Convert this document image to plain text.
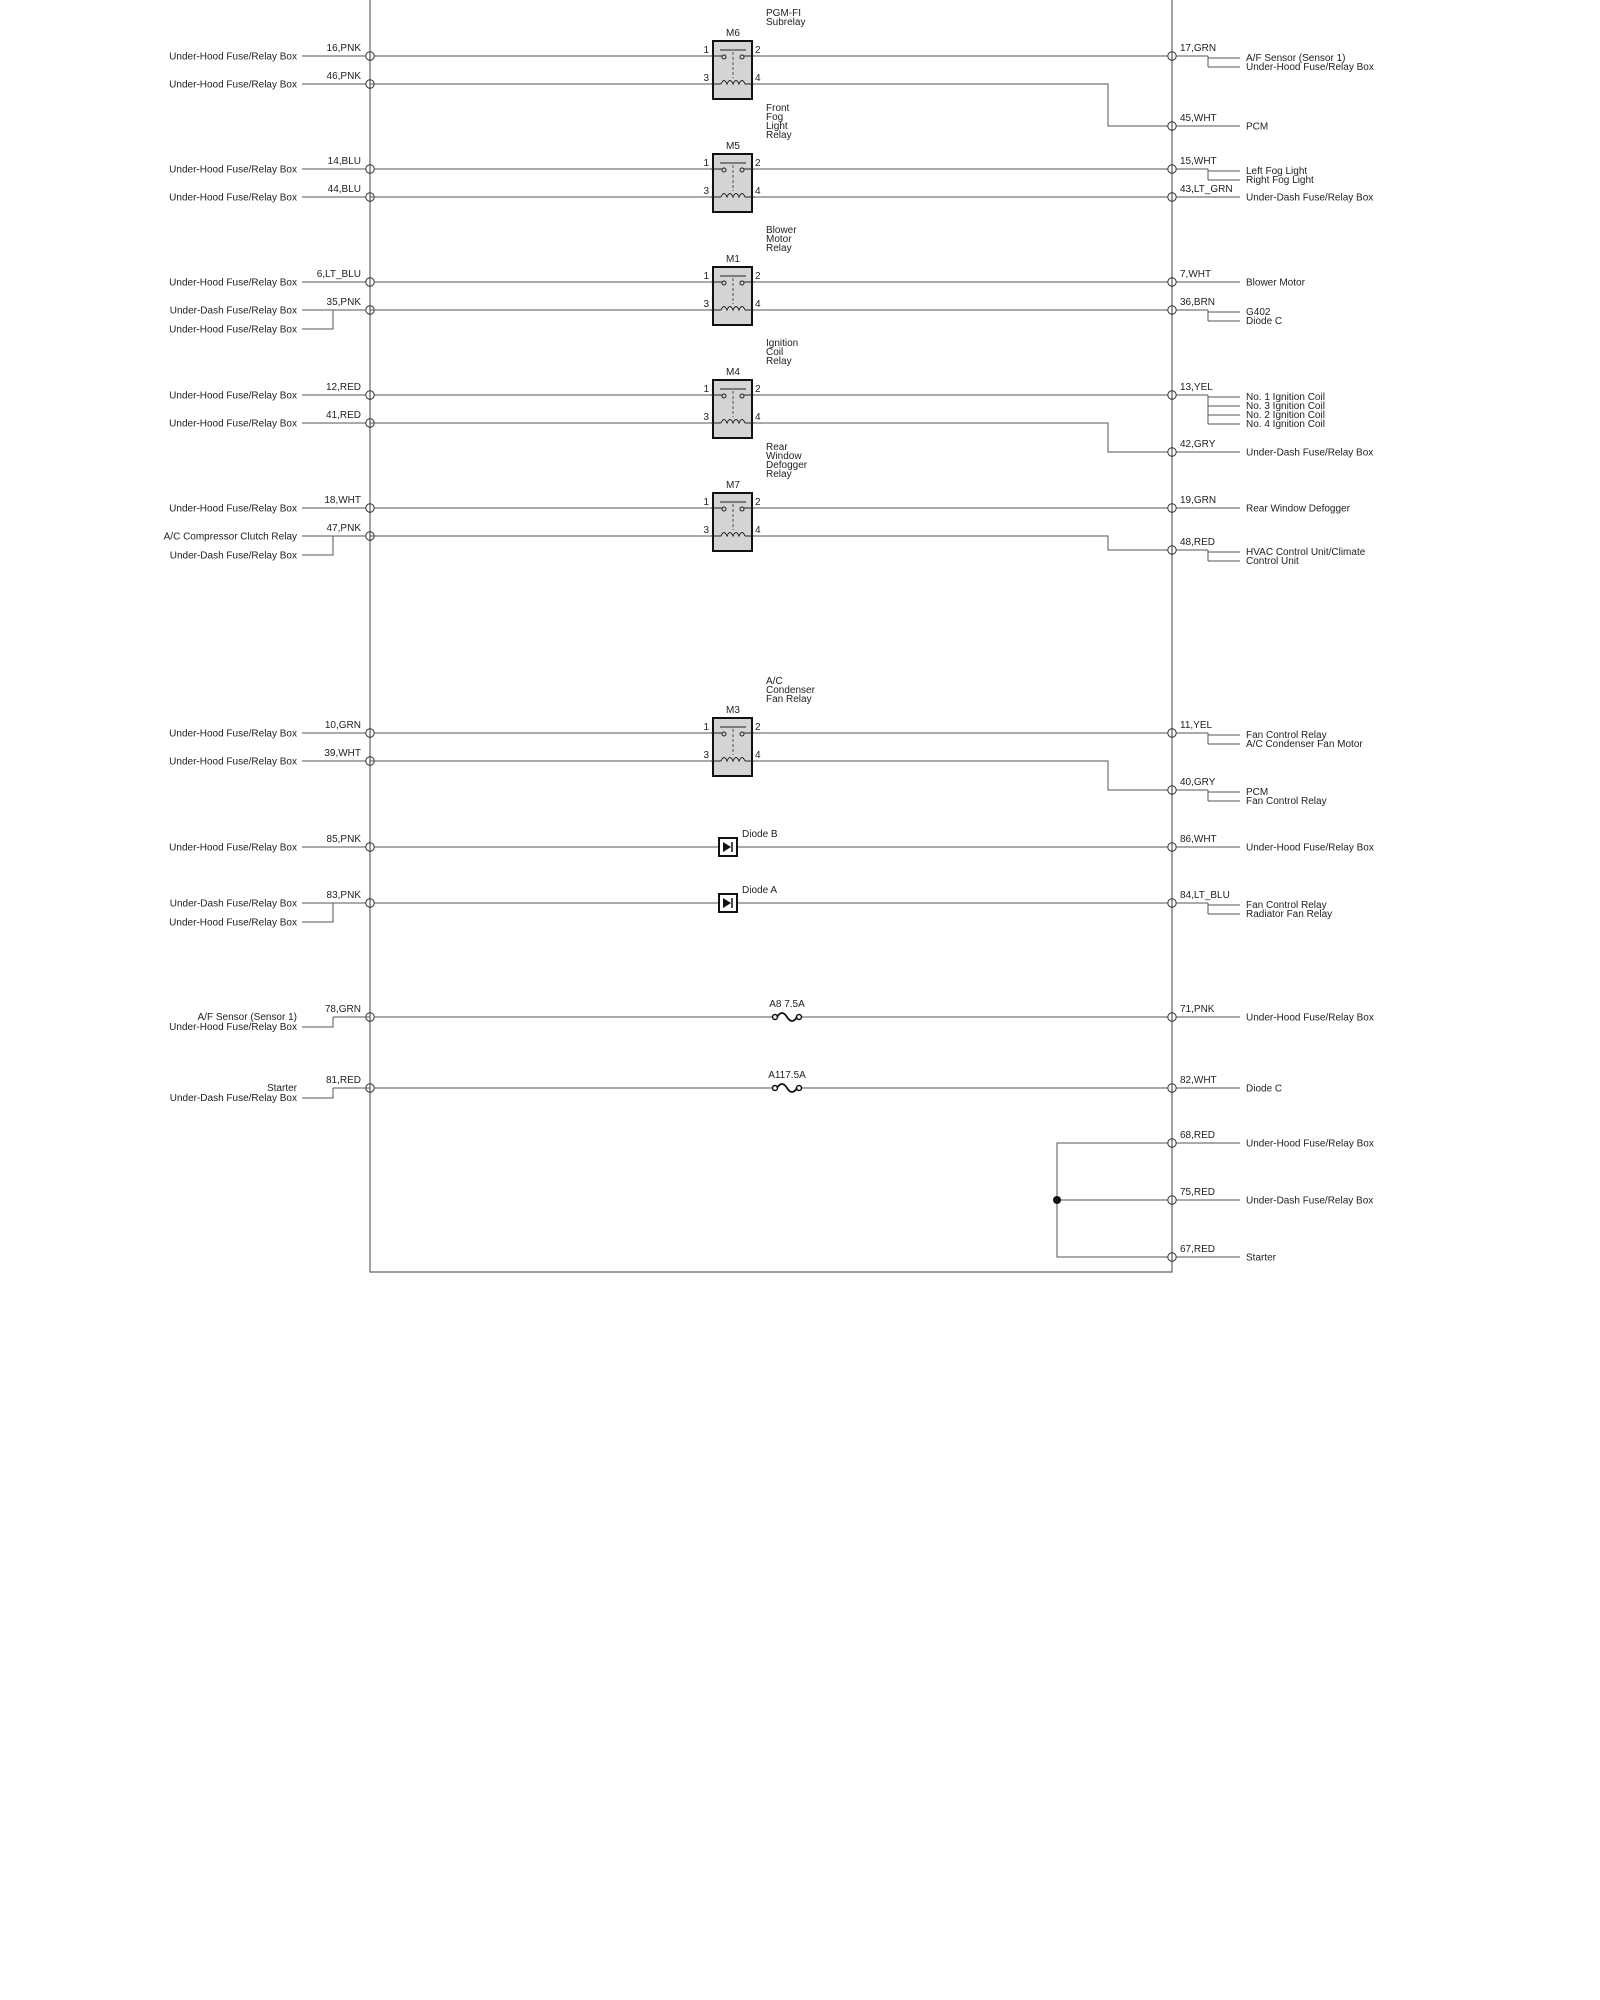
16,PNK
Under-Hood Fuse/Relay Box
17,GRN
A/F Sensor (Sensor 1)
Under-Hood Fuse/Relay Box
46,PNK
Under-Hood Fuse/Relay Box
45,WHT
PCM
1	2
3	4
M6
PGM-FI
Subrelay
14,BLU
Under-Hood Fuse/Relay Box
15,WHT
Left Fog Light
Right Fog Light
44,BLU
Under-Hood Fuse/Relay Box
43,LT_GRN
Under-Dash Fuse/Relay Box
1	2
3	4
M5
Front
Fog
Light
Relay
6,LT_BLU
Under-Hood Fuse/Relay Box
7,WHT
Blower Motor
35,PNK
Under-Dash Fuse/Relay Box
Under-Hood Fuse/Relay Box
36,BRN
G402
Diode C
1	2
3	4
M1
Blower
Motor
Relay
12,RED
Under-Hood Fuse/Relay Box
13,YEL
No. 1 Ignition Coil
No. 3 Ignition Coil
No. 2 Ignition Coil
No. 4 Ignition Coil
41,RED
Under-Hood Fuse/Relay Box
42,GRY
Under-Dash Fuse/Relay Box
1	2
3	4
M4
Ignition
Coil
Relay
18,WHT
Under-Hood Fuse/Relay Box
19,GRN
Rear Window Defogger
47,PNK
A/C Compressor Clutch Relay
Under-Dash Fuse/Relay Box
48,RED
HVAC Control Unit/Climate
Control Unit
1	2
3	4
M7
Rear
Window
Defogger
Relay
10,GRN
Under-Hood Fuse/Relay Box
11,YEL
Fan Control Relay
A/C Condenser Fan Motor
39,WHT
Under-Hood Fuse/Relay Box
40,GRY
PCM
Fan Control Relay
1	2
3	4
M3
A/C
Condenser
Fan Relay
85,PNK
Under-Hood Fuse/Relay Box
86,WHT
Under-Hood Fuse/Relay Box
Diode B
83,PNK
Under-Dash Fuse/Relay Box
Under-Hood Fuse/Relay Box
84,LT_BLU
Fan Control Relay
Radiator Fan Relay
Diode A
78,GRN
A/F Sensor (Sensor 1)
Under-Hood Fuse/Relay Box
71,PNK
Under-Hood Fuse/Relay Box
A8 7.5A
81,RED
Starter
Under-Dash Fuse/Relay Box
82,WHT
Diode C
A117.5A
68,RED
Under-Hood Fuse/Relay Box
75,RED
Under-Dash Fuse/Relay Box
67,RED
Starter
